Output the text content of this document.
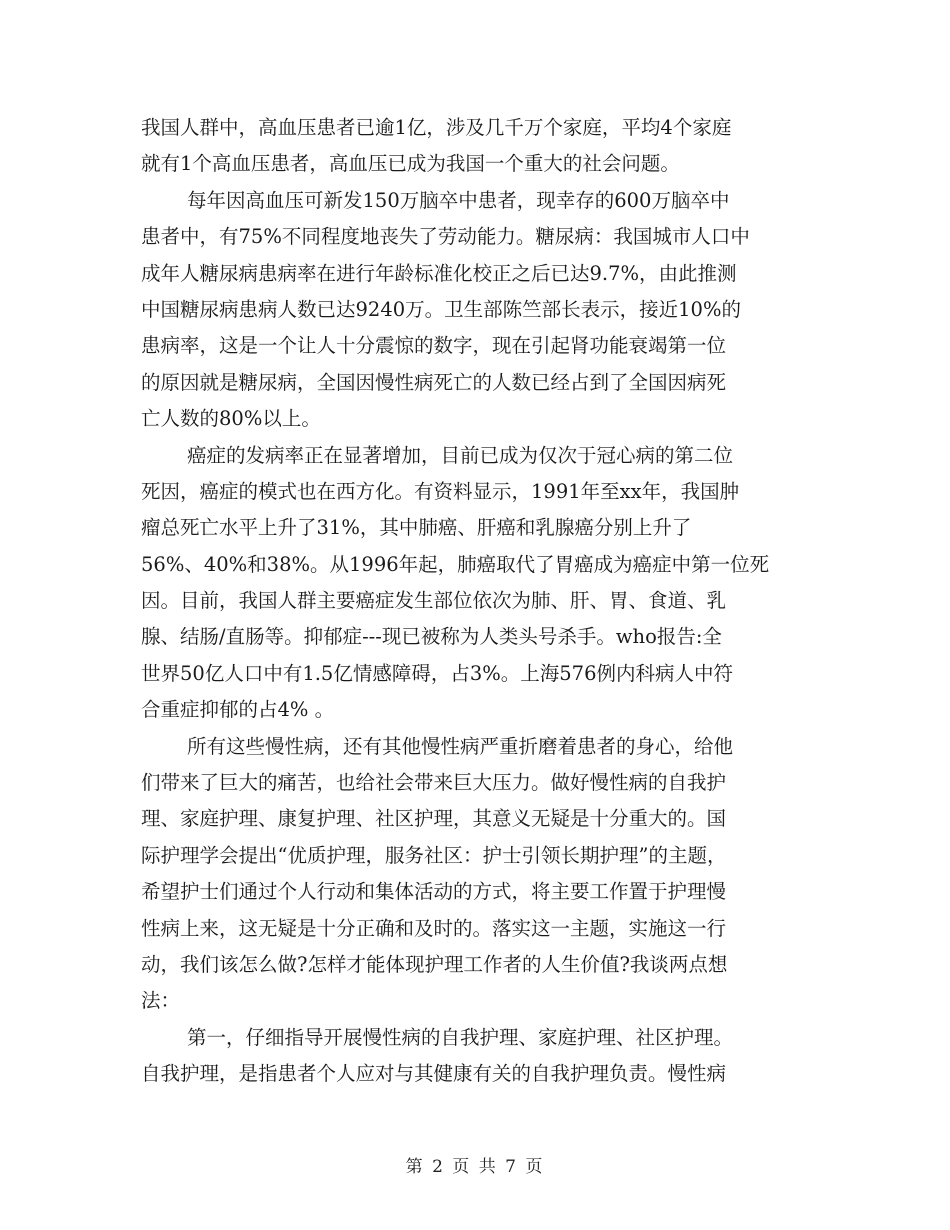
我国人群中，高血压患者已逾1亿，涉及几千万个家庭，平均4个家庭
就有1个高血压患者，高血压已成为我国一个重大的社会问题。
每年因高血压可新发150万脑卒中患者，现幸存的600万脑卒中
患者中，有75%不同程度地丧失了劳动能力。糖尿病：我国城市人口中
成年人糖尿病患病率在进行年龄标准化校正之后已达9.7%，由此推测
中国糖尿病患病人数已达9240万。卫生部陈竺部长表示，接近10%的
患病率，这是一个让人十分震惊的数字，现在引起肾功能衰竭第一位
的原因就是糖尿病，全国因慢性病死亡的人数已经占到了全国因病死
亡人数的80%以上。
癌症的发病率正在显著增加，目前已成为仅次于冠心病的第二位
死因，癌症的模式也在西方化。有资料显示，1991年至xx年，我国肿
瘤总死亡水平上升了31%，其中肺癌、肝癌和乳腺癌分别上升了
56%、40%和38%。从1996年起，肺癌取代了胃癌成为癌症中第一位死
因。目前，我国人群主要癌症发生部位依次为肺、肝、胃、食道、乳
腺、结肠/直肠等。抑郁症---现已被称为人类头号杀手。who报告:全
世界50亿人口中有1.5亿情感障碍，占3%。上海576例内科病人中符
合重症抑郁的占4% 。
所有这些慢性病，还有其他慢性病严重折磨着患者的身心，给他
们带来了巨大的痛苦，也给社会带来巨大压力。做好慢性病的自我护
理、家庭护理、康复护理、社区护理，其意义无疑是十分重大的。国
际护理学会提出“优质护理，服务社区：护士引领长期护理”的主题，
希望护士们通过个人行动和集体活动的方式，将主要工作置于护理慢
性病上来，这无疑是十分正确和及时的。落实这一主题，实施这一行
动，我们该怎么做?怎样才能体现护理工作者的人生价值?我谈两点想
法：
第一，仔细指导开展慢性病的自我护理、家庭护理、社区护理。
自我护理，是指患者个人应对与其健康有关的自我护理负责。慢性病
第 2 页 共 7 页
